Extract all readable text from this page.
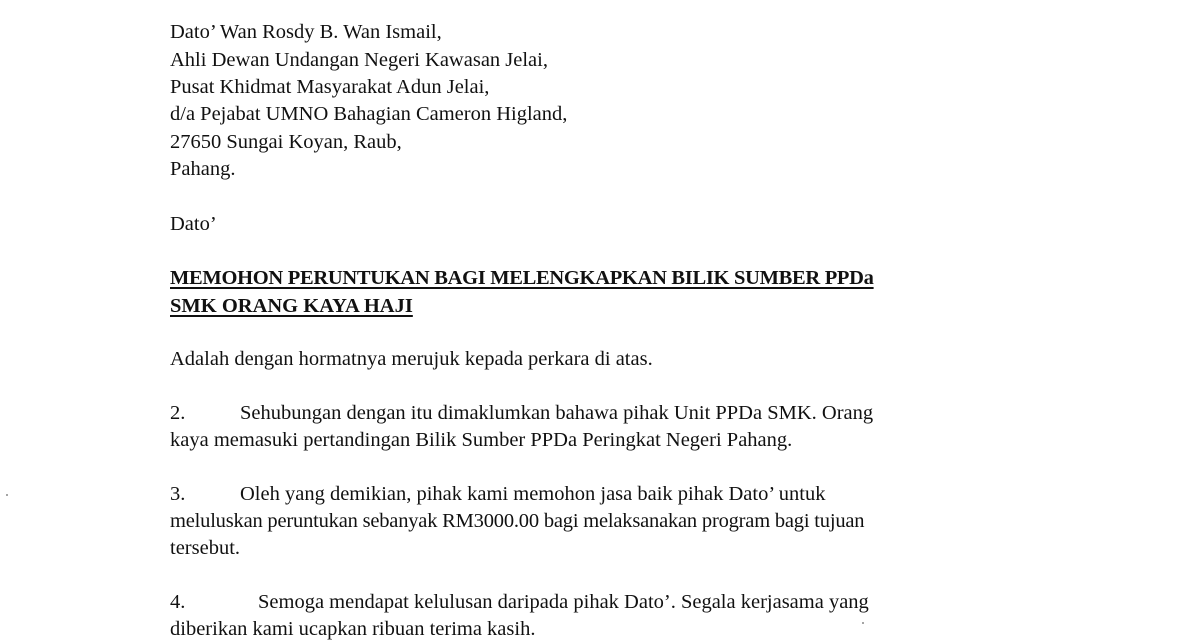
Dato’ Wan Rosdy B. Wan Ismail,
Ahli Dewan Undangan Negeri Kawasan Jelai,
Pusat Khidmat Masyarakat Adun Jelai,
d/a Pejabat UMNO Bahagian Cameron Higland,
27650 Sungai Koyan, Raub,
Pahang.
Dato’
MEMOHON PERUNTUKAN BAGI MELENGKAPKAN BILIK SUMBER PPDa
SMK ORANG KAYA HAJI
Adalah dengan hormatnya merujuk kepada perkara di atas.
2.	Sehubungan dengan itu dimaklumkan bahawa pihak Unit PPDa SMK. Orang
kaya memasuki pertandingan Bilik Sumber PPDa Peringkat Negeri Pahang.
3.	Oleh yang demikian, pihak kami memohon jasa baik pihak Dato’ untuk
meluluskan peruntukan sebanyak RM3000.00 bagi melaksanakan program bagi tujuan
tersebut.
4.	Semoga mendapat kelulusan daripada pihak Dato’. Segala kerjasama yang
diberikan kami ucapkan ribuan terima kasih.
